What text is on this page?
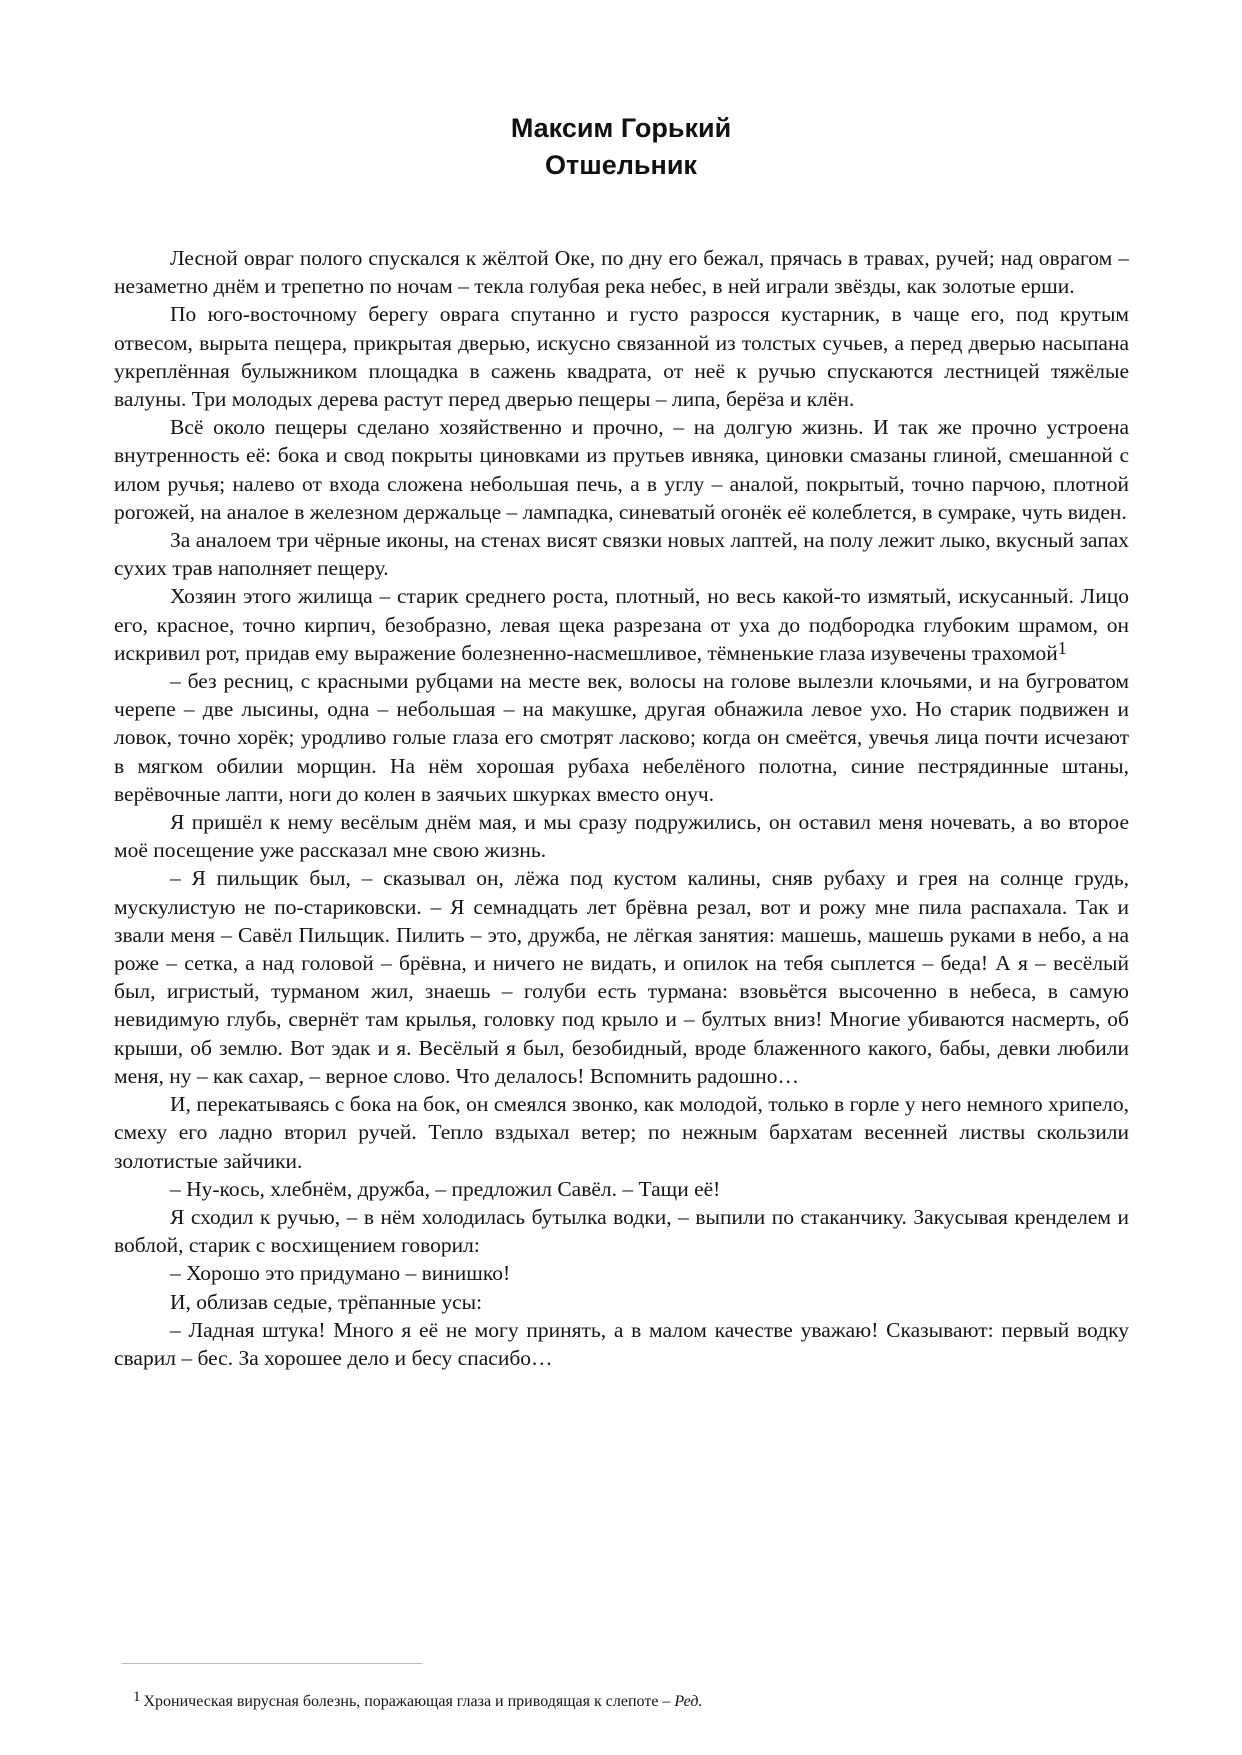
Максим Горький
Отшельник

Лесной овраг полого спускался к жёлтой Оке, по дну его бежал, прячась в травах, ручей; над оврагом – незаметно днём и трепетно по ночам – текла голубая река небес, в ней играли звёзды, как золотые ерши.

По юго-восточному берегу оврага спутанно и густо разросся кустарник, в чаще его, под крутым отвесом, вырыта пещера, прикрытая дверью, искусно связанной из толстых сучьев, а перед дверью насыпана укреплённая булыжником площадка в сажень квадрата, от неё к ручью спускаются лестницей тяжёлые валуны. Три молодых дерева растут перед дверью пещеры – липа, берёза и клён.

Всё около пещеры сделано хозяйственно и прочно, – на долгую жизнь. И так же прочно устроена внутренность её: бока и свод покрыты циновками из прутьев ивняка, циновки смазаны глиной, смешанной с илом ручья; налево от входа сложена небольшая печь, а в углу – аналой, покрытый, точно парчою, плотной рогожей, на аналое в железном держальце – лампадка, синеватый огонёк её колеблется, в сумраке, чуть виден.

За аналоем три чёрные иконы, на стенах висят связки новых лаптей, на полу лежит лыко, вкусный запах сухих трав наполняет пещеру.

Хозяин этого жилища – старик среднего роста, плотный, но весь какой-то измятый, искусанный. Лицо его, красное, точно кирпич, безобразно, левая щека разрезана от уха до подбородка глубоким шрамом, он искривил рот, придав ему выражение болезненно-насмешливое, тёмненькие глаза изувечены трахомой$^1$

– без ресниц, с красными рубцами на месте век, волосы на голове вылезли клочьями, и на бугроватом черепе – две лысины, одна – небольшая – на макушке, другая обнажила левое ухо. Но старик подвижен и ловок, точно хорёк; уродливо голые глаза его смотрят ласково; когда он смеётся, увечья лица почти исчезают в мягком обилии морщин. На нём хорошая рубаха небелёного полотна, синие пестрядинные штаны, верёвочные лапти, ноги до колен в заячьих шкурках вместо онуч.

Я пришёл к нему весёлым днём мая, и мы сразу подружились, он оставил меня ночевать, а во второе моё посещение уже рассказал мне свою жизнь.

– Я пильщик был, – сказывал он, лёжа под кустом калины, сняв рубаху и грея на солнце грудь, мускулистую не по-стариковски. – Я семнадцать лет брёвна резал, вот и рожу мне пила распахала. Так и звали меня – Савёл Пильщик. Пилить – это, дружба, не лёгкая занятия: машешь, машешь руками в небо, а на роже – сетка, а над головой – брёвна, и ничего не видать, и опилок на тебя сыплется – беда! А я – весёлый был, игристый, турманом жил, знаешь – голуби есть турмана: взовьётся высоченно в небеса, в самую невидимую глубь, свернёт там крылья, головку под крыло и – бултых вниз! Многие убиваются насмерть, об крыши, об землю. Вот эдак и я. Весёлый я был, безобидный, вроде блаженного какого, бабы, девки любили меня, ну – как сахар, – верное слово. Что делалось! Вспомнить радошно…

И, перекатываясь с бока на бок, он смеялся звонко, как молодой, только в горле у него немного хрипело, смеху его ладно вторил ручей. Тепло вздыхал ветер; по нежным бархатам весенней листвы скользили золотистые зайчики.

– Ну-кось, хлебнём, дружба, – предложил Савёл. – Тащи её!

Я сходил к ручью, – в нём холодилась бутылка водки, – выпили по стаканчику. Закусывая кренделем и воблой, старик с восхищением говорил:

– Хорошо это придумано – винишко!

И, облизав седые, трёпанные усы:

– Ладная штука! Много я её не могу принять, а в малом качестве уважаю! Сказывают: первый водку сварил – бес. За хорошее дело и бесу спасибо…

$^1$ Хроническая вирусная болезнь, поражающая глаза и приводящая к слепоте – Ред.
